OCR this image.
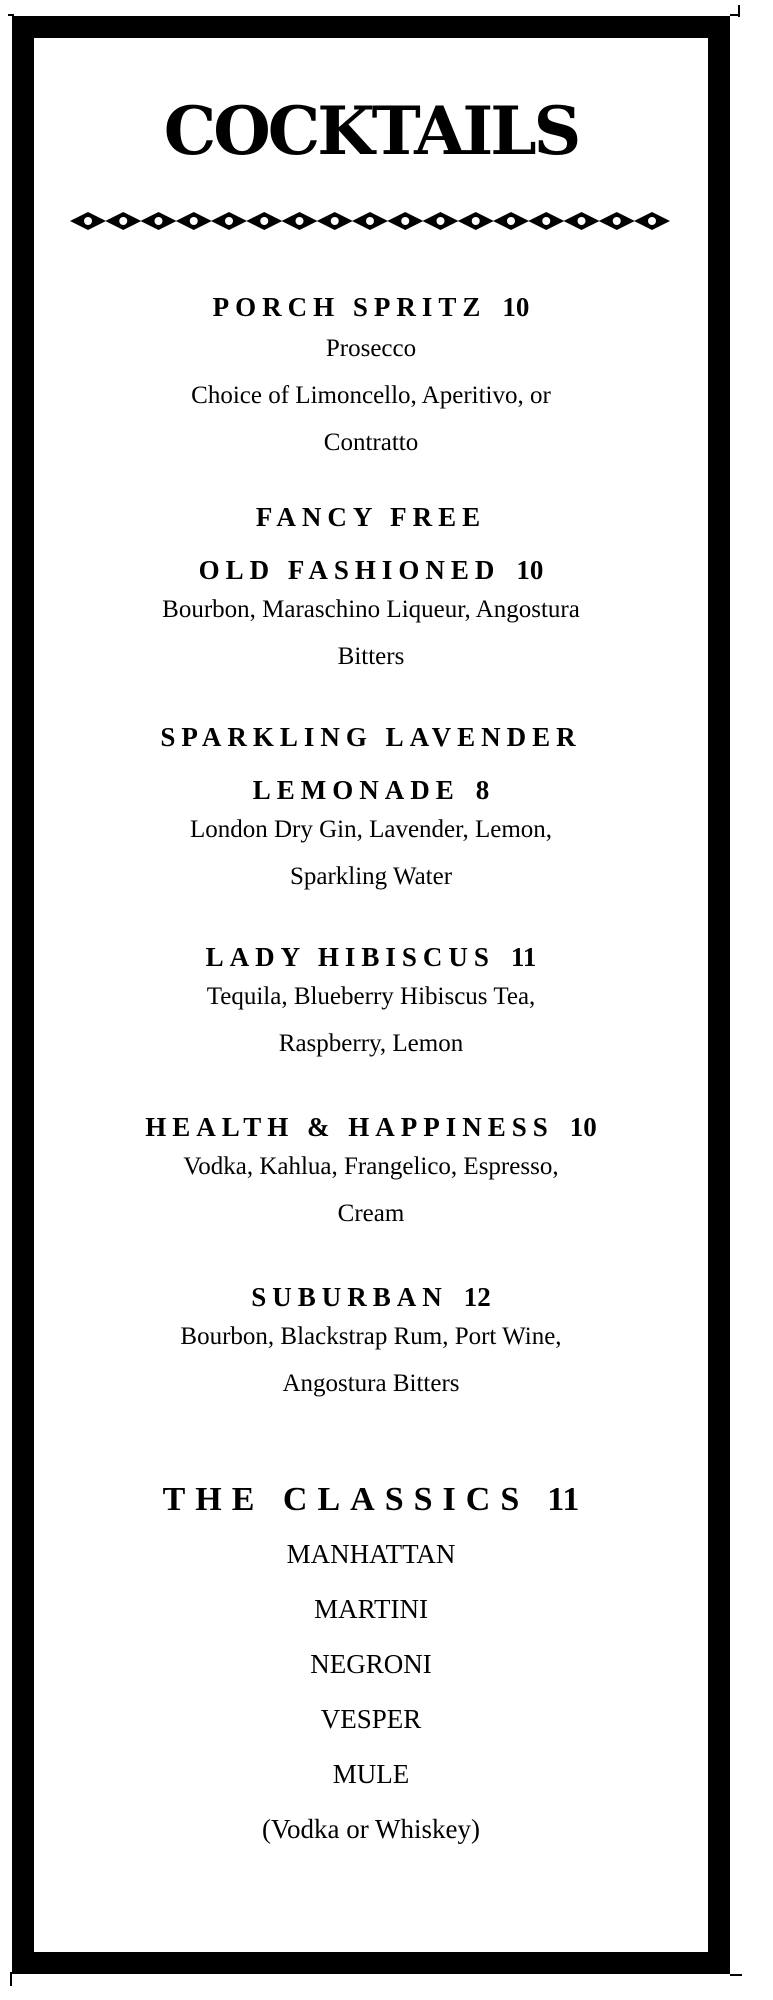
COCKTAILS
PORCH SPRITZ 10
Prosecco
Choice of Limoncello, Aperitivo, or
Contratto
FANCY FREE
OLD FASHIONED 10
Bourbon, Maraschino Liqueur, Angostura
Bitters
SPARKLING LAVENDER
LEMONADE 8
London Dry Gin, Lavender, Lemon,
Sparkling Water
LADY HIBISCUS 11
Tequila, Blueberry Hibiscus Tea,
Raspberry, Lemon
HEALTH & HAPPINESS 10
Vodka, Kahlua, Frangelico, Espresso,
Cream
SUBURBAN 12
Bourbon, Blackstrap Rum, Port Wine,
Angostura Bitters
THE CLASSICS 11
MANHATTAN
MARTINI
NEGRONI
VESPER
MULE
(Vodka or Whiskey)
